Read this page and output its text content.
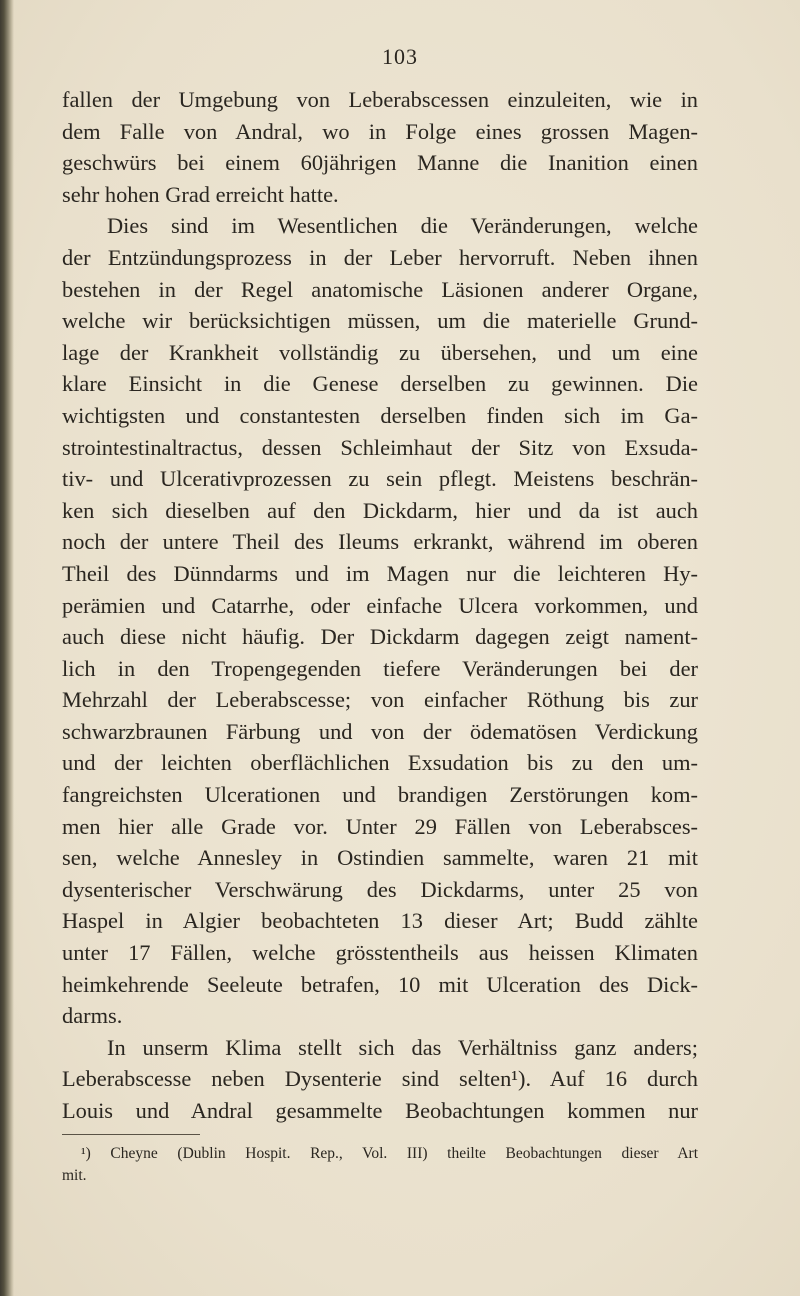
103
fallen der Umgebung von Leberabscessen einzuleiten, wie in
dem Falle von Andral, wo in Folge eines grossen Magen-
geschwürs bei einem 60jährigen Manne die Inanition einen
sehr hohen Grad erreicht hatte.
Dies sind im Wesentlichen die Veränderungen, welche
der Entzündungsprozess in der Leber hervorruft. Neben ihnen
bestehen in der Regel anatomische Läsionen anderer Organe,
welche wir berücksichtigen müssen, um die materielle Grund-
lage der Krankheit vollständig zu übersehen, und um eine
klare Einsicht in die Genese derselben zu gewinnen. Die
wichtigsten und constantesten derselben finden sich im Ga-
strointestinaltractus, dessen Schleimhaut der Sitz von Exsuda-
tiv- und Ulcerativprozessen zu sein pflegt. Meistens beschrän-
ken sich dieselben auf den Dickdarm, hier und da ist auch
noch der untere Theil des Ileums erkrankt, während im oberen
Theil des Dünndarms und im Magen nur die leichteren Hy-
perämien und Catarrhe, oder einfache Ulcera vorkommen, und
auch diese nicht häufig. Der Dickdarm dagegen zeigt nament-
lich in den Tropengegenden tiefere Veränderungen bei der
Mehrzahl der Leberabscesse; von einfacher Röthung bis zur
schwarzbraunen Färbung und von der ödematösen Verdickung
und der leichten oberflächlichen Exsudation bis zu den um-
fangreichsten Ulcerationen und brandigen Zerstörungen kom-
men hier alle Grade vor. Unter 29 Fällen von Leberabsces-
sen, welche Annesley in Ostindien sammelte, waren 21 mit
dysenterischer Verschwärung des Dickdarms, unter 25 von
Haspel in Algier beobachteten 13 dieser Art; Budd zählte
unter 17 Fällen, welche grösstentheils aus heissen Klimaten
heimkehrende Seeleute betrafen, 10 mit Ulceration des Dick-
darms.
In unserm Klima stellt sich das Verhältniss ganz anders;
Leberabscesse neben Dysenterie sind selten¹). Auf 16 durch
Louis und Andral gesammelte Beobachtungen kommen nur
¹) Cheyne (Dublin Hospit. Rep., Vol. III) theilte Beobachtungen dieser Art
mit.
